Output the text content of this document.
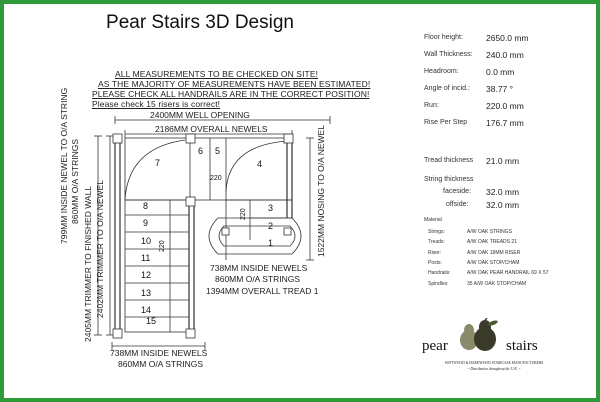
Pear Stairs 3D Design
ALL MEASUREMENTS TO BE CHECKED ON SITE!
AS THE MAJORITY OF MEASUREMENTS HAVE BEEN ESTIMATED!
PLEASE CHECK ALL HANDRAILS ARE IN THE CORRECT POSITION!
Please check 15 risers is correct!
2400MM WELL OPENING
2186MM OVERALL NEWELS
799MM INSIDE NEWEL TO O/A STRING 860MM O/A STRINGS
2405MM TRIMMER TO FINISHED WALL 2402MM TRIMMER TO O/A NEWEL	1522MM NOSING TO O/A NEWEL
738MM INSIDE NEWELS
860MM O/A STRINGS
1394MM OVERALL TREAD 1
738MM INSIDE NEWELS
860MM O/A STRINGS
1
2
3
4
5
6
7
8
9
10
11
12
13
14
15
220
220
220
Floor height:	2650.0 mm
Wall Thickness: 240.0 mm
Headroom:	0.0 mm
Angle of incid.: 38.77 °
Run:	220.0 mm
Rise Per Step 176.7 mm
Tread thickness 21.0 mm
String thickness
faceside: 32.0 mm
offside: 32.0 mm
Material
Strings:	A/W OAK STRINGS
Treads:	A/W OAK TREADS 21
Riser:	A/W OAK 18MM RISER
Posts:	A/W OAK STOP/CHAM
Handrails:	A/W OAK PEAR HANDRAIL 69 X 57
Spindles:	35 A/W OAK STOP/CHAM
pear	stairs
SOFTWOOD & HARDWOOD STAIRCASE MANUFACTURERS
~ Distribution throughout the U.K. ~
